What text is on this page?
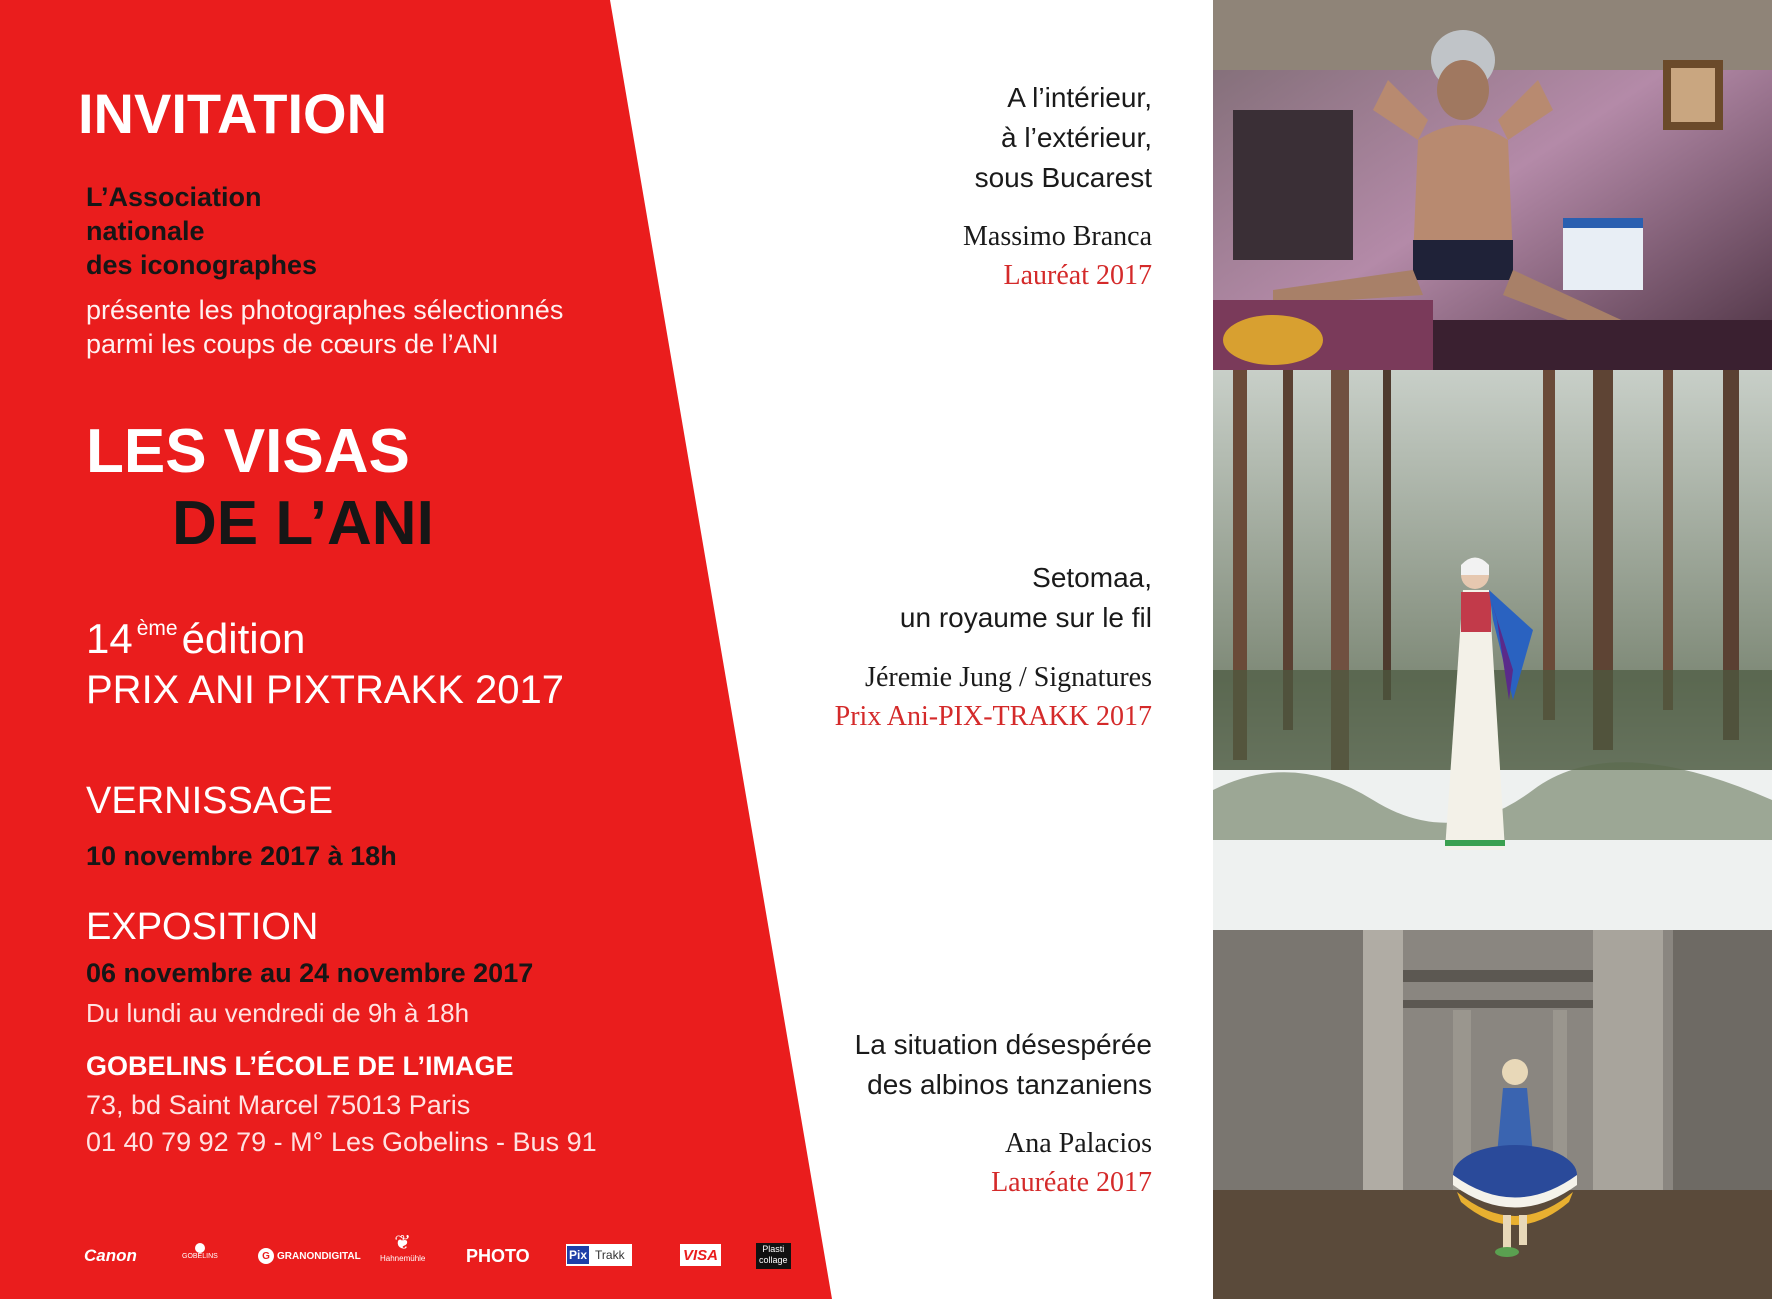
INVITATION
L’Association
nationale
des iconographes
présente les photographes sélectionnés
parmi les coups de cœurs de l’ANI
LES VISAS
DE L’ANI
14 $^{ème}$édition
PRIX ANI PIXTRAKK 2017
VERNISSAGE
10 novembre 2017 à 18h
EXPOSITION
06 novembre au 24 novembre 2017
Du lundi au vendredi de 9h à 18h
GOBELINS L’ÉCOLE DE L’IMAGE
73, bd Saint Marcel 75013 Paris
01 40 79 92 79 - M° Les Gobelins - Bus 91
Canon	GOBELINS	G GRANONDIGITAL
❦
Hahnemühle PHOTO	Pix Trakk	VISA	Plasti
collage
A l’intérieur,
à l’extérieur,
sous Bucarest
Massimo Branca
Lauréat 2017
Setomaa,
un royaume sur le fil
Jéremie Jung / Signatures
Prix Ani-PIX-TRAKK 2017
La situation désespérée
des albinos tanzaniens
Ana Palacios
Lauréate 2017
